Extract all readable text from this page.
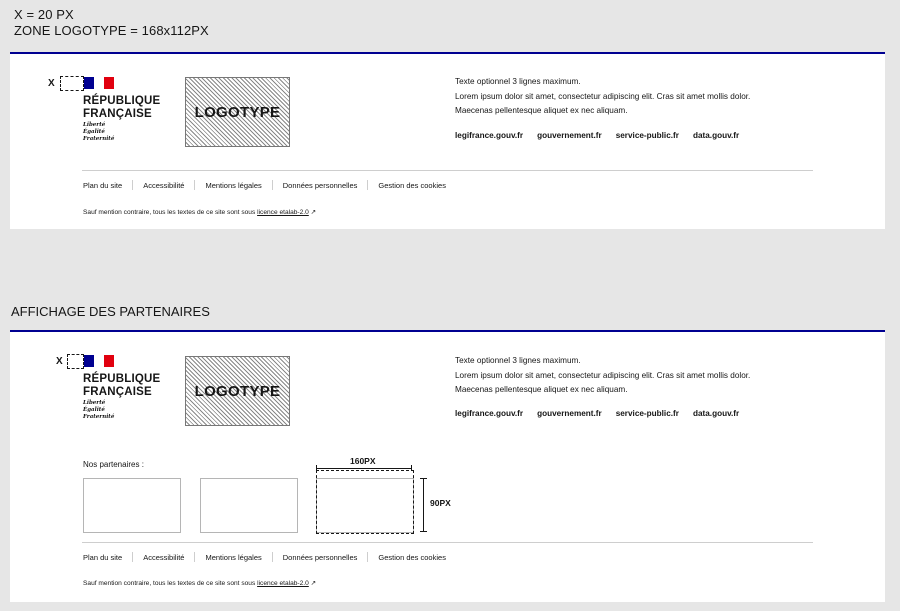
X = 20 PX
ZONE LOGOTYPE = 168x112PX
X
RÉPUBLIQUE
FRANÇAISE
Liberté
Égalité
Fraternité
LOGOTYPE
Texte optionnel 3 lignes maximum.
Lorem ipsum dolor sit amet, consectetur adipiscing elit. Cras sit amet mollis dolor.
Maecenas pellentesque aliquet ex nec aliquam.
legifrance.gouv.fr gouvernement.fr service-public.fr data.gouv.fr
Plan du site	Accessibilité	Mentions légales	Données personnelles	Gestion des cookies
Sauf mention contraire, tous les textes de ce site sont sous licence etalab-2.0 ↗
AFFICHAGE DES PARTENAIRES
X
RÉPUBLIQUE
FRANÇAISE
Liberté
Égalité
Fraternité
LOGOTYPE
Texte optionnel 3 lignes maximum.
Lorem ipsum dolor sit amet, consectetur adipiscing elit. Cras sit amet mollis dolor.
Maecenas pellentesque aliquet ex nec aliquam.
legifrance.gouv.fr gouvernement.fr service-public.fr data.gouv.fr
Nos partenaires :	160PX
90PX
Plan du site	Accessibilité	Mentions légales	Données personnelles	Gestion des cookies
Sauf mention contraire, tous les textes de ce site sont sous licence etalab-2.0 ↗
